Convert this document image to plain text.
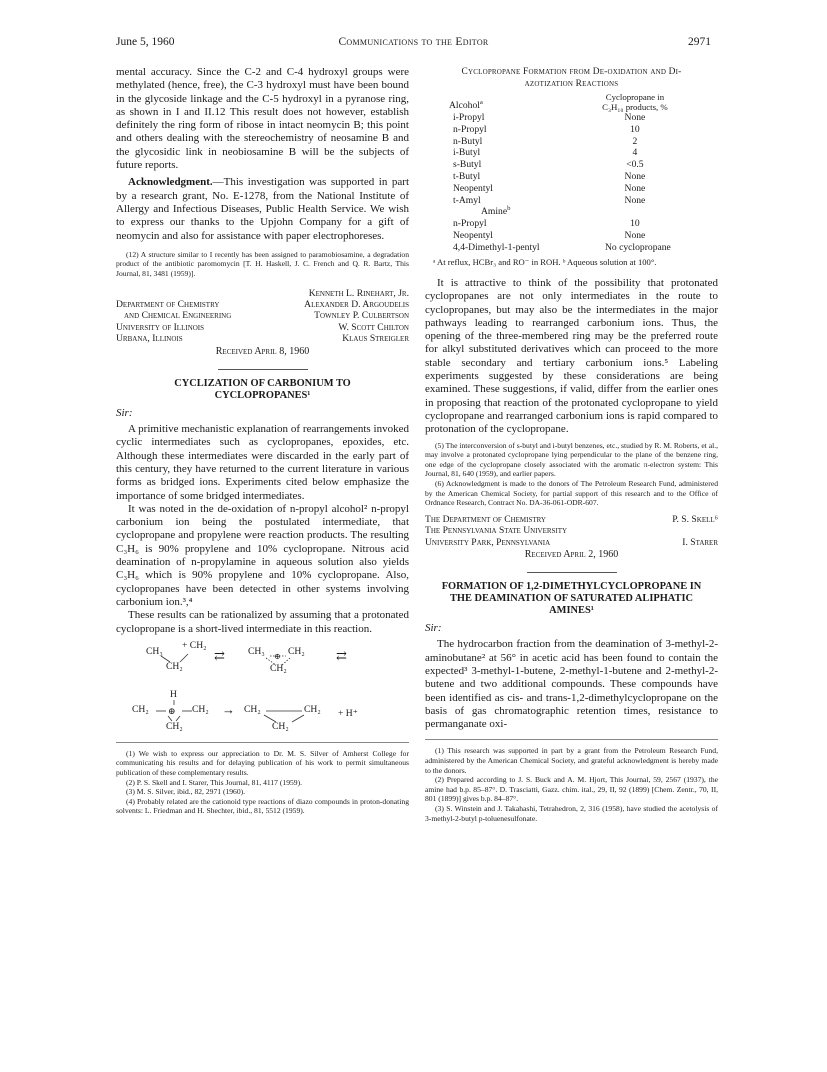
June 5, 1960	Communications to the Editor	2971

mental accuracy. Since the C-2 and C-4 hydroxyl groups were methylated (hence, free), the C-3 hydroxyl must have been bound in the glycoside linkage and the C-5 hydroxyl in a pyranose ring, as shown in I and II.12 This result does not however, establish definitely the ring form of ribose in intact neomycin B; this point and others dealing with the stereochemistry of neosamine B and the glycosidic link in neobiosamine B will be the subjects of future reports.

Acknowledgment.—This investigation was supported in part by a research grant, No. E-1278, from the National Institute of Allergy and Infectious Diseases, Public Health Service. We wish to express our thanks to the Upjohn Company for a gift of neomycin and also for assistance with paper electrophoreses.

(12) A structure similar to I recently has been assigned to paramobiosamine, a degradation product of the antibiotic paromomycin [T. H. Haskell, J. C. French and Q. R. Bartz, This Journal, 81, 3481 (1959)].

Kenneth L. Rinehart, Jr.
Department of Chemistry	Alexander D. Argoudelis
and Chemical Engineering	Townley P. Culbertson
University of Illinois	W. Scott Chilton
Urbana, Illinois	Klaus Streigler
Received April 8, 1960
CYCLIZATION OF CARBONIUM TO
CYCLOPROPANES¹
Sir:

A primitive mechanistic explanation of rearrangements invoked cyclic intermediates such as cyclopropanes, epoxides, etc. Although these intermediates were discarded in the early part of this century, they have returned to the current literature in various forms as bridged ions. Experiments cited below emphasize the importance of some bridged intermediates.

It was noted in the de-oxidation of n-propyl alcohol² n-propyl carbonium ion being the postulated intermediate, that cyclopropane and propylene were reaction products. The resulting C₃H₆ is 90% propylene and 10% cyclopropane. Nitrous acid deamination of n-propylamine in aqueous solution also yields C₃H₆ which is 90% propylene and 10% cyclopropane. Also, cyclopropanes have been detected in other systems involving carbonium ion.³,⁴

These results can be rationalized by assuming that a protonated cyclopropane is a short-lived intermediate in this reaction.

CH₃
+ CH₂
CH₂
⇄ CH₃ CH₂
⊕
CH₂
⇄
H
CH₂ ⊕ CH₂
CH₂
→ CH₂	CH₂
CH₂
+ H⁺

(1) We wish to express our appreciation to Dr. M. S. Silver of Amherst College for communicating his results and for delaying publication of his work to permit simultaneous publication of these complementary results.

(2) P. S. Skell and I. Starer, This Journal, 81, 4117 (1959).

(3) M. S. Silver, ibid., 82, 2971 (1960).

(4) Probably related are the cationoid type reactions of diazo compounds in proton-donating solvents: L. Friedman and H. Shechter, ibid., 81, 5512 (1959).

Cyclopropane Formation from De-oxidation and Di-
azotization Reactions
Alcohol$^a$	Cyclopropane in
C₃H₁₀ products, %

i-Propyl	None
n-Propyl	10
n-Butyl	2
i-Butyl	4
s-Butyl	<0.5
t-Butyl	None
Neopentyl	None
t-Amyl	None
Amine$^b$	
n-Propyl	10
Neopentyl	None
4,4-Dimethyl-1-pentyl	No cyclopropane

ᵃ At reflux, HCBr₃ and RO⁻ in ROH. ᵇ Aqueous solution at 100°.

It is attractive to think of the possibility that protonated cyclopropanes are not only intermediates in the route to cyclopropanes, but may also be the intermediates in the major pathways leading to rearranged carbonium ions. Thus, the opening of the three-membered ring may be the preferred route for alkyl substituted derivatives which can proceed to the more stable secondary and tertiary carbonium ions.⁵ Labeling experiments suggested by these considerations are being examined. These suggestions, if valid, differ from the earlier ones in proposing that reaction of the protonated cyclopropane to yield cyclopropane and rearranged carbonium ions is rapid compared to protonation of the cyclopropane.

(5) The interconversion of s-butyl and i-butyl benzenes, etc., studied by R. M. Roberts, et al., may involve a protonated cyclopropane lying perpendicular to the plane of the benzene ring, one edge of the cyclopropane closely associated with the aromatic π-electron system: This Journal, 81, 640 (1959), and earlier papers.

(6) Acknowledgment is made to the donors of The Petroleum Research Fund, administered by the American Chemical Society, for partial support of this research and to the Office of Ordnance Research, Contract No. DA-36-061-ODR-607.

The Department of Chemistry	P. S. Skell⁶
The Pennsylvania State University
University Park, Pennsylvania	I. Starer
Received April 2, 1960
FORMATION OF 1,2-DIMETHYLCYCLOPROPANE IN
THE DEAMINATION OF SATURATED ALIPHATIC
AMINES¹
Sir:

The hydrocarbon fraction from the deamination of 3-methyl-2-aminobutane² at 56° in acetic acid has been found to contain the expected³ 3-methyl-1-butene, 2-methyl-1-butene and 2-methyl-2-butene and two additional compounds. These compounds have been identified as cis- and trans-1,2-dimethylcyclopropane on the basis of gas chromatographic retention times, resistance to permanganate oxi-

(1) This research was supported in part by a grant from the Petroleum Research Fund, administered by the American Chemical Society, and grateful acknowledgment is hereby made to the donors.

(2) Prepared according to J. S. Buck and A. M. Hjort, This Journal, 59, 2567 (1937), the amine had b.p. 85–87°. D. Trasciatti, Gazz. chim. ital., 29, II, 92 (1899) [Chem. Zentr., 70, II, 801 (1899)] gives b.p. 84–87°.

(3) S. Winstein and J. Takahashi, Tetrahedron, 2, 316 (1958), have studied the acetolysis of 3-methyl-2-butyl p-toluenesulfonate.
